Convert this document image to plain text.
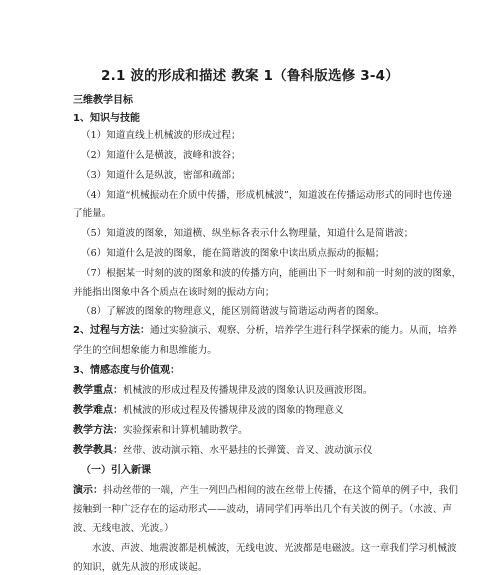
2.1 波的形成和描述 教案 1（鲁科版选修 3-4）
三维教学目标
1、知识与技能
（1）知道直线上机械波的形成过程；
（2）知道什么是横波，波峰和波谷；
（3）知道什么是纵波，密部和疏部；
（4）知道“机械振动在介质中传播，形成机械波”，知道波在传播运动形式的同时也传递
了能量。
（5）知道波的图象，知道横、纵坐标各表示什么物理量，知道什么是简谐波；
（6）知道什么是波的图象，能在简谐波的图象中读出质点振动的振幅；
（7）根据某一时刻的波的图象和波的传播方向，能画出下一时刻和前一时刻的波的图象，
并能指出图象中各个质点在该时刻的振动方向；
（8）了解波的图象的物理意义，能区别简谐波与简谐运动两者的图象。
2、过程与方法：通过实验演示、观察、分析，培养学生进行科学探索的能力。从而，培养
学生的空间想象能力和思维能力。
3、情感态度与价值观：
教学重点：机械波的形成过程及传播规律及波的图象认识及画波形图。
教学难点：机械波的形成过程及传播规律及波的图象的物理意义
教学方法：实验探索和计算机辅助教学。
教学教具：丝带、波动演示箱、水平悬挂的长弹簧、音叉、波动演示仪
（一）引入新课
演示：抖动丝带的一端，产生一列凹凸相间的波在丝带上传播，在这个简单的例子中，我们
接触到一种广泛存在的运动形式——波动，请同学们再举出几个有关波的例子。（水波、声
波、无线电波、光波。）
水波、声波、地震波都是机械波，无线电波、光波都是电磁波。这一章我们学习机械波
的知识，就先从波的形成谈起。
